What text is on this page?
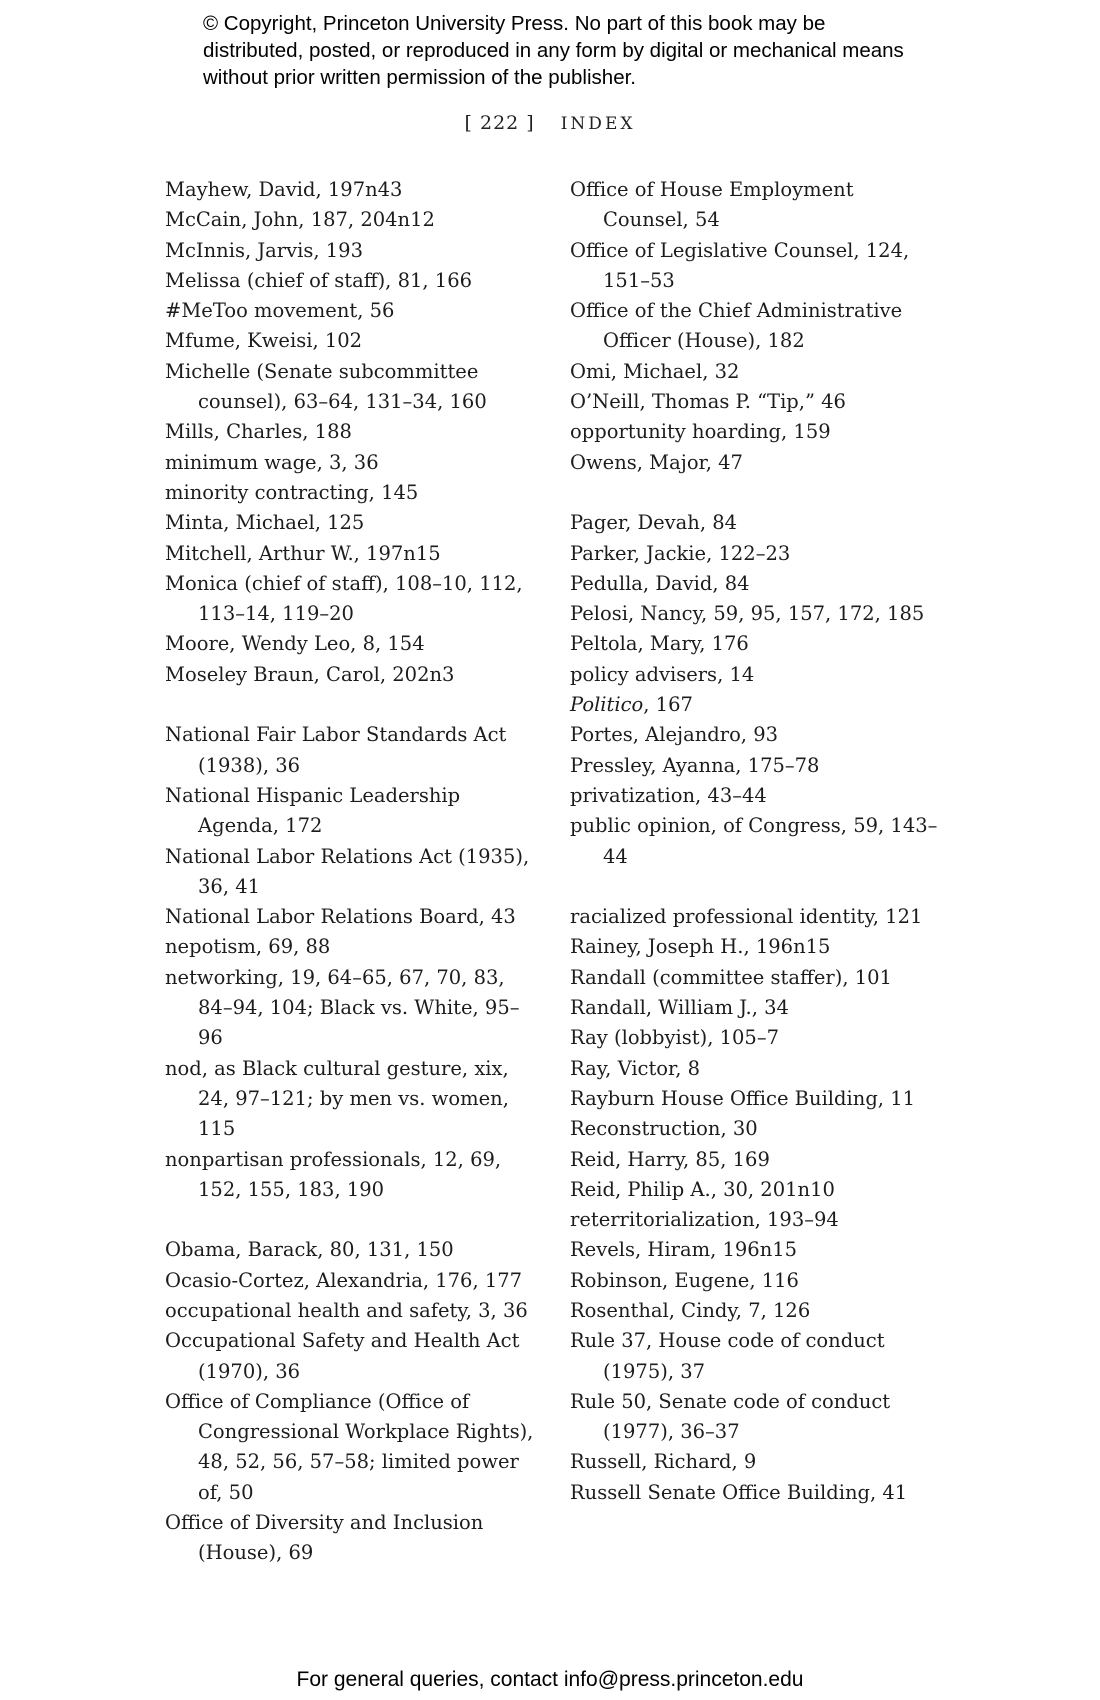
© Copyright, Princeton University Press. No part of this book may be distributed, posted, or reproduced in any form by digital or mechanical means without prior written permission of the publisher.
[ 222 ] INDEX
Mayhew, David, 197n43
McCain, John, 187, 204n12
McInnis, Jarvis, 193
Melissa (chief of staff), 81, 166
#MeToo movement, 56
Mfume, Kweisi, 102
Michelle (Senate subcommittee counsel), 63–64, 131–34, 160
Mills, Charles, 188
minimum wage, 3, 36
minority contracting, 145
Minta, Michael, 125
Mitchell, Arthur W., 197n15
Monica (chief of staff), 108–10, 112, 113–14, 119–20
Moore, Wendy Leo, 8, 154
Moseley Braun, Carol, 202n3
National Fair Labor Standards Act (1938), 36
National Hispanic Leadership Agenda, 172
National Labor Relations Act (1935), 36, 41
National Labor Relations Board, 43
nepotism, 69, 88
networking, 19, 64–65, 67, 70, 83, 84–94, 104; Black vs. White, 95–96
nod, as Black cultural gesture, xix, 24, 97–121; by men vs. women, 115
nonpartisan professionals, 12, 69, 152, 155, 183, 190
Obama, Barack, 80, 131, 150
Ocasio-Cortez, Alexandria, 176, 177
occupational health and safety, 3, 36
Occupational Safety and Health Act (1970), 36
Office of Compliance (Office of Congressional Workplace Rights), 48, 52, 56, 57–58; limited power of, 50
Office of Diversity and Inclusion (House), 69
Office of House Employment Counsel, 54
Office of Legislative Counsel, 124, 151–53
Office of the Chief Administrative Officer (House), 182
Omi, Michael, 32
O’Neill, Thomas P. “Tip,” 46
opportunity hoarding, 159
Owens, Major, 47
Pager, Devah, 84
Parker, Jackie, 122–23
Pedulla, David, 84
Pelosi, Nancy, 59, 95, 157, 172, 185
Peltola, Mary, 176
policy advisers, 14
Politico, 167
Portes, Alejandro, 93
Pressley, Ayanna, 175–78
privatization, 43–44
public opinion, of Congress, 59, 143–44
racialized professional identity, 121
Rainey, Joseph H., 196n15
Randall (committee staffer), 101
Randall, William J., 34
Ray (lobbyist), 105–7
Ray, Victor, 8
Rayburn House Office Building, 11
Reconstruction, 30
Reid, Harry, 85, 169
Reid, Philip A., 30, 201n10
reterritorialization, 193–94
Revels, Hiram, 196n15
Robinson, Eugene, 116
Rosenthal, Cindy, 7, 126
Rule 37, House code of conduct (1975), 37
Rule 50, Senate code of conduct (1977), 36–37
Russell, Richard, 9
Russell Senate Office Building, 41
For general queries, contact info@press.princeton.edu
